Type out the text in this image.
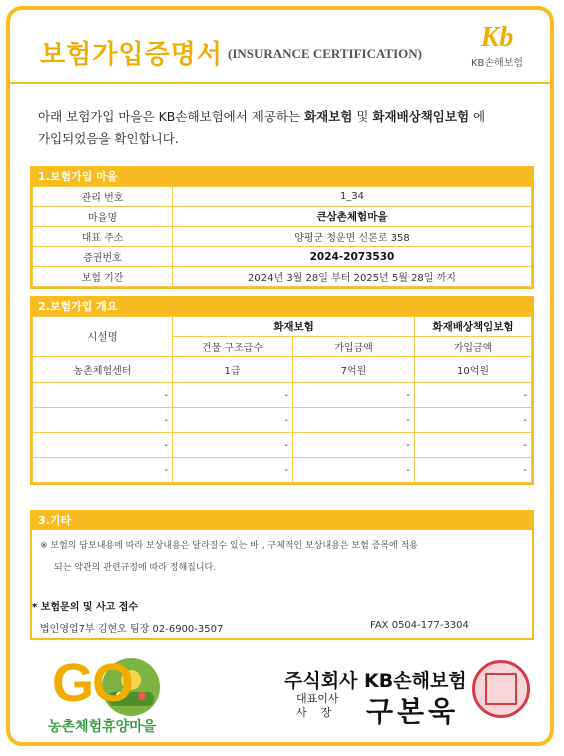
보험가입증명서 (INSURANCE CERTIFICATION)
Kb
KB손해보험
아래 보험가입 마을은 KB손해보험에서 제공하는 화재보험 및 화재배상책임보험 에
가입되었음을 확인합니다.
1.보험가입 마을
관리 번호	1_34
마을명	큰삼촌체험마을
대표 주소	양평군 청운면 신론로 358
증권번호	2024-2073530
보험 기간	2024년 3월 28일 부터 2025년 5월 28일 까지
2.보험가입 개요
시설명	화재보험		화재배상책임보험
	건물 구조급수	가입금액	가입금액
농촌체험센터	1급	7억원	10억원
-	-	-	-
-	-	-	-
-	-	-	-
-	-	-	-
3.기타
※ 보험의 담보내용에 따라 보상내용은 달라질수 있는 바 , 구체적인 보상내용은 보험 증목에 적용
되는 약관의 관련규정에 따라 정해집니다.
* 보험문의 및 사고 접수
법인영업7부 김현오 팀장 02-6900-3507	FAX 0504-177-3304
GO
농촌체험휴양마을
주식회사 KB손해보험
대표이사
사    장 구본욱
